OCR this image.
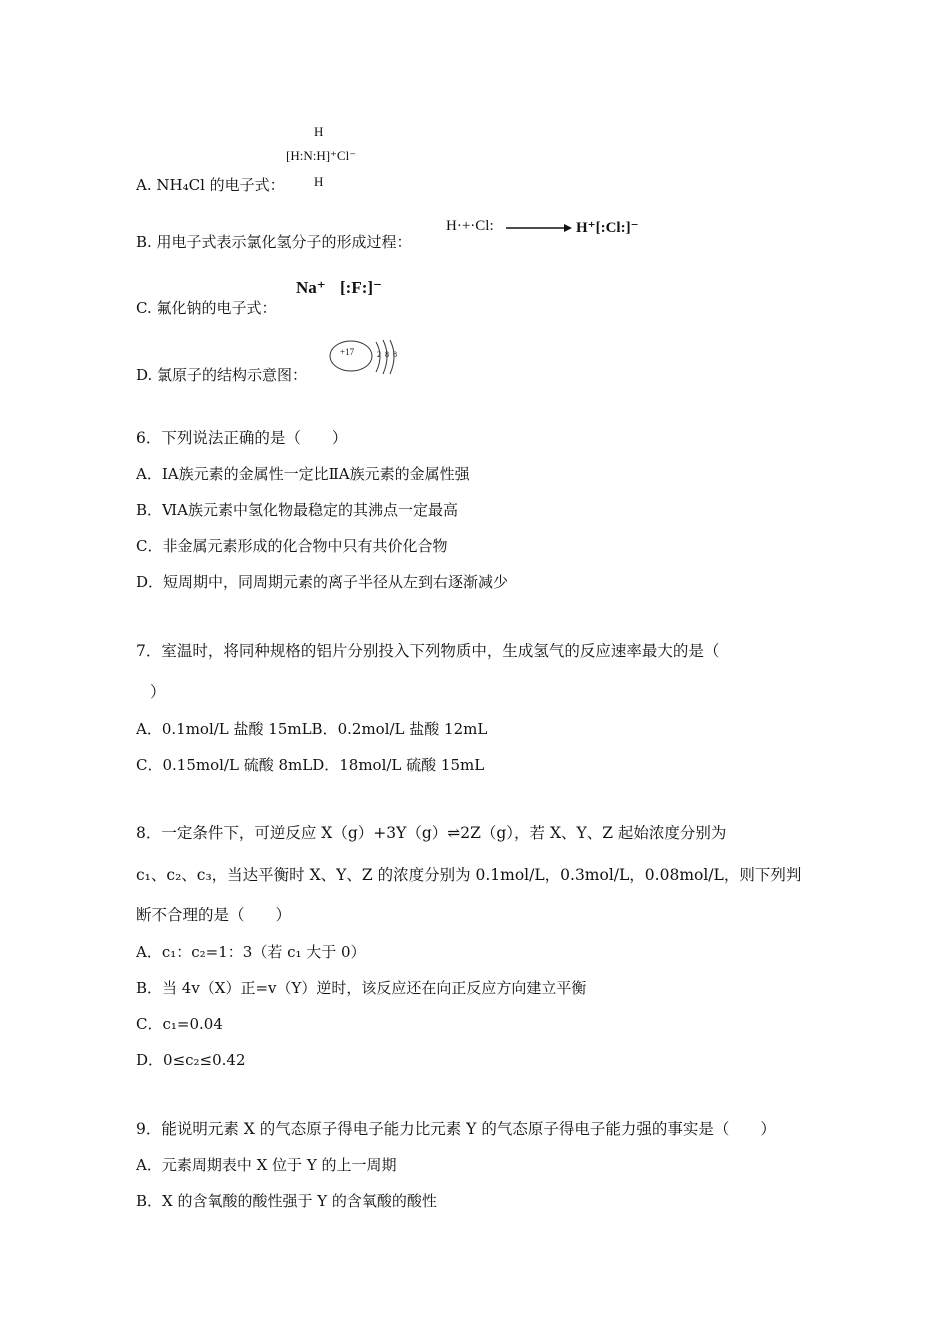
A. NH₄Cl 的电子式：
H
[H:N:H]⁺Cl⁻
H
B. 用电子式表示氯化氢分子的形成过程：
H·+·Cl:	H⁺[:Cl:]⁻
C. 氟化钠的电子式：
Na⁺ [:F:]⁻
D. 氯原子的结构示意图：
+17	2 8 8
6．下列说法正确的是（　　）
A．ⅠA族元素的金属性一定比ⅡA族元素的金属性强
B．ⅥA族元素中氢化物最稳定的其沸点一定最高
C．非金属元素形成的化合物中只有共价化合物
D．短周期中，同周期元素的离子半径从左到右逐渐减少
7．室温时，将同种规格的铝片分别投入下列物质中，生成氢气的反应速率最大的是（
）
A．0.1mol/L 盐酸 15mLB．0.2mol/L 盐酸 12mL
C．0.15mol/L 硫酸 8mLD．18mol/L 硫酸 15mL
8．一定条件下，可逆反应 X（g）+3Y（g）⇌2Z（g），若 X、Y、Z 起始浓度分别为
c₁、c₂、c₃，当达平衡时 X、Y、Z 的浓度分别为 0.1mol/L，0.3mol/L，0.08mol/L，则下列判
断不合理的是（　　）
A．c₁：c₂=1：3（若 c₁ 大于 0）
B．当 4v（X）正=v（Y）逆时，该反应还在向正反应方向建立平衡
C．c₁=0.04
D．0≤c₂≤0.42
9．能说明元素 X 的气态原子得电子能力比元素 Y 的气态原子得电子能力强的事实是（　　）
A．元素周期表中 X 位于 Y 的上一周期
B．X 的含氧酸的酸性强于 Y 的含氧酸的酸性
